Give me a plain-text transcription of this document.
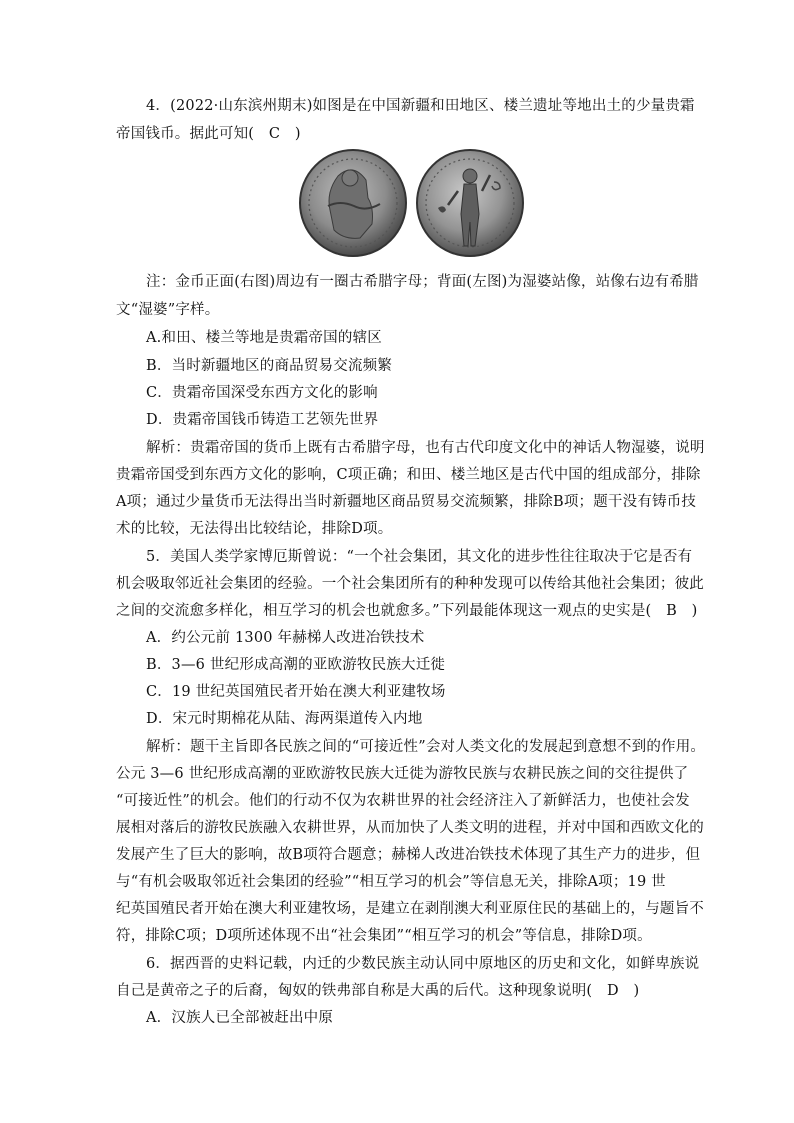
4．(2022·山东滨州期末)如图是在中国新疆和田地区、楼兰遗址等地出土的少量贵霜
帝国钱币。据此可知(　C　)
注：金币正面(右图)周边有一圈古希腊字母；背面(左图)为湿婆站像，站像右边有希腊
文“湿婆”字样。
A.和田、楼兰等地是贵霜帝国的辖区
B．当时新疆地区的商品贸易交流频繁
C．贵霜帝国深受东西方文化的影响
D．贵霜帝国钱币铸造工艺领先世界
解析：贵霜帝国的货币上既有古希腊字母，也有古代印度文化中的神话人物湿婆，说明
贵霜帝国受到东西方文化的影响，C项正确；和田、楼兰地区是古代中国的组成部分，排除
A项；通过少量货币无法得出当时新疆地区商品贸易交流频繁，排除B项；题干没有铸币技
术的比较，无法得出比较结论，排除D项。
5．美国人类学家博厄斯曾说：“一个社会集团，其文化的进步性往往取决于它是否有
机会吸取邻近社会集团的经验。一个社会集团所有的种种发现可以传给其他社会集团；彼此
之间的交流愈多样化，相互学习的机会也就愈多。”下列最能体现这一观点的史实是(　B　)
A．约公元前 1300 年赫梯人改进冶铁技术
B．3—6 世纪形成高潮的亚欧游牧民族大迁徙
C．19 世纪英国殖民者开始在澳大利亚建牧场
D．宋元时期棉花从陆、海两渠道传入内地
解析：题干主旨即各民族之间的“可接近性”会对人类文化的发展起到意想不到的作用。
公元 3—6 世纪形成高潮的亚欧游牧民族大迁徙为游牧民族与农耕民族之间的交往提供了
“可接近性”的机会。他们的行动不仅为农耕世界的社会经济注入了新鲜活力，也使社会发
展相对落后的游牧民族融入农耕世界，从而加快了人类文明的进程，并对中国和西欧文化的
发展产生了巨大的影响，故B项符合题意；赫梯人改进冶铁技术体现了其生产力的进步，但
与“有机会吸取邻近社会集团的经验”“相互学习的机会”等信息无关，排除A项；19 世
纪英国殖民者开始在澳大利亚建牧场，是建立在剥削澳大利亚原住民的基础上的，与题旨不
符，排除C项；D项所述体现不出“社会集团”“相互学习的机会”等信息，排除D项。
6．据西晋的史料记载，内迁的少数民族主动认同中原地区的历史和文化，如鲜卑族说
自己是黄帝之子的后裔，匈奴的铁弗部自称是大禹的后代。这种现象说明(　D　)
A．汉族人已全部被赶出中原
